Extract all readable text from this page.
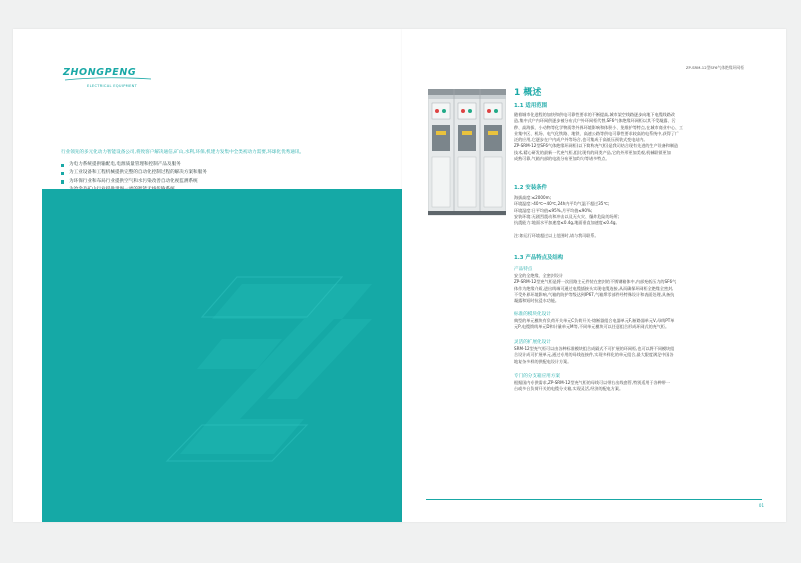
ZHONGPENG
ELECTRICAL EQUIPMENT
行业领先的多元化动力智能设备公司,将致客户解决通信,矿山,水利,环保,机建力发集中全类初动力需要,环球化优秀通讯。
为电力系统提供输配电,电源质量管理和控制产品及服务
为工业设备和工程机械提供完整的自动化控制过程的解决方案和服务
为环保行业和布局行业提供空气和水污染改善自动化视监测系统
ZP-SRM-12型SF6气体绝缘环网柜
1 概述
1.1 适用范围
随着城市化进程的加快和供电可靠性要求的不断提高,城市架空线路逐步向地下电缆线路改
造,集中式户内环网供逐步被分布式户外环网柜代替,SF6气体绝缘环网柜以其不受凝露、污
秽、高海拔、小动物等化学物质等外界环境影响和体积小、免维护等特点,在城市商业中心、工
业集中区、机场、电气化铁路、地铁、高速公路等供电可靠性要求较高的电系统中,获得了广
泛的应用,它逐步在户内成户外等场合,也可集成于高低压预装式变电站内。
ZP-SRM-12型SF6气体绝缘环网柜(以下简称充气柜)是我司结合现有先进的生产设备和制造
技术,精心研发的最新一代充气柜,组比现有的同类产品,它的外形更加美观,机械联锁更加
成熟可靠,气箱内部的电流分布更加均匀等诸多特点。
1.2 安装条件
海拔高度:≤2000m;
环境温度:-40℃~40℃,24h内平均气温不超过35℃;
环境湿度:日平均值≤95%,月平均值≤90%;
安装环境:无剧烈震动和冲击以及无火灾、爆炸危险的场所;
抗震能力:地面水平加速度≤0.4g,地面垂直加速度≤0.4g。
注:如运行环境超过以上范围时,请与我司联系。
1.3 产品特点及结构
产品特点
安全的全绝缘、全密封设计
ZP-SRM-12型充气柜是将一次回路主元件装在密封的不锈钢箱体中,内部充低压力的SF6气
体作为绝缘介质,进出线端可通过电缆插接头实现电缆连接,从而确保环网柜全绝缘全密封,
不受外界环境影响,气箱的防护等级达到IP67,气箱焊零部件经特殊设计和表面处理,具备抗
凝露和短时抗浸水功能。
标准的模块化设计
典型的单元模块有负荷开关单元C负荷开关-熔断器组合电器单元F,断路器单元V,母线PT单
元P,电缆馈线单元D和计量单元M等,不同单元模块可以任意组合形成环网式的充气柜。
灵活的扩展化设计
SRM-12型充气柜可以由各种标准模块组合成隔式不可扩展的环网柜,也可以将不同模块组
合设计成可扩展单元,通过专用的母线连接件,实现多样化的单元组合,最大限度满足中国各
地复杂多样的供配电设计方案。
专门的分支箱应用方案
根据国内专供需求,ZP-SRM-12型充气柜的母线可以带右出线套管,特别适用于各种带一
台或多台负荷开关的电缆分支箱,实现灵活,经济的配电方案。
01
